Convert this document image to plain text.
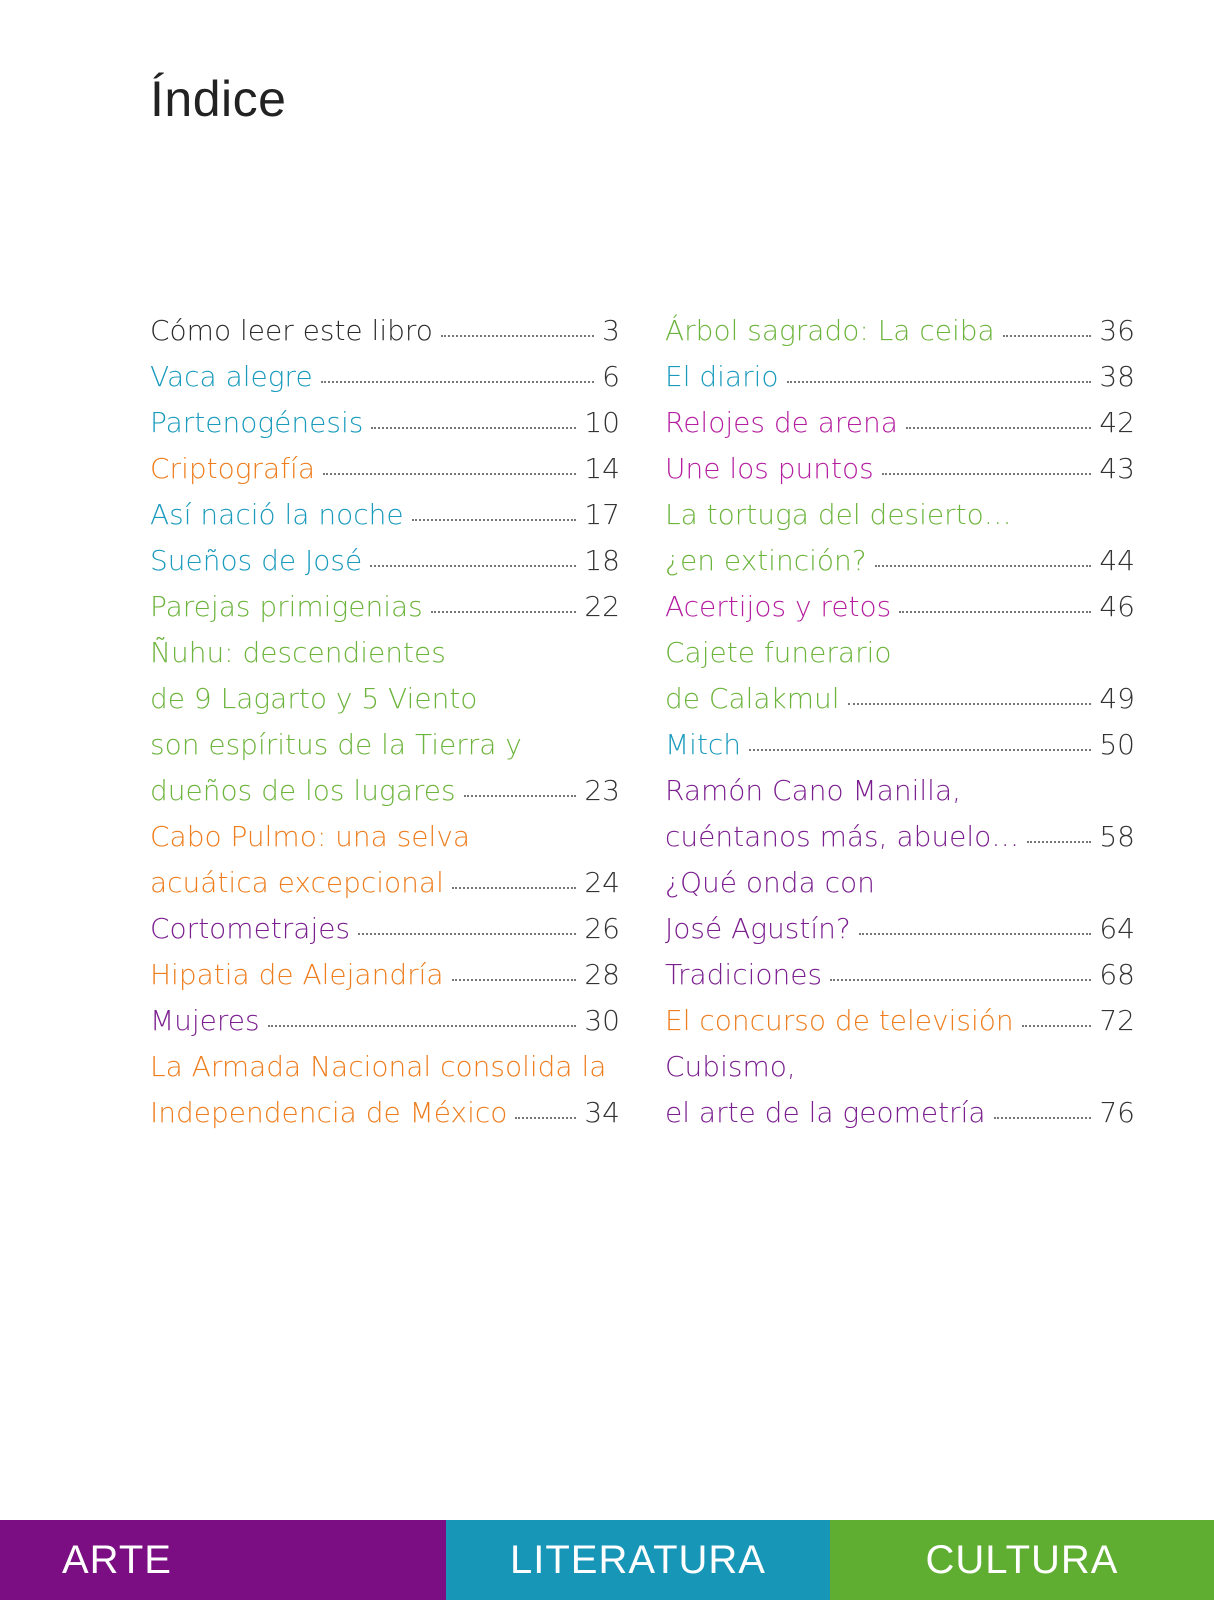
Índice
Cómo leer este libro	3
Vaca alegre	6
Partenogénesis	10
Criptografía	14
Así nació la noche	17
Sueños de José	18
Parejas primigenias	22
Ñuhu: descendientes
de 9 Lagarto y 5 Viento
son espíritus de la Tierra y
dueños de los lugares	23
Cabo Pulmo: una selva
acuática excepcional	24
Cortometrajes	26
Hipatia de Alejandría	28
Mujeres	30
La Armada Nacional consolida la
Independencia de México	34
Árbol sagrado: La ceiba	36
El diario	38
Relojes de arena	42
Une los puntos	43
La tortuga del desierto…
¿en extinción?	44
Acertijos y retos	46
Cajete funerario
de Calakmul	49
Mitch	50
Ramón Cano Manilla,
cuéntanos más, abuelo…	58
¿Qué onda con
José Agustín?	64
Tradiciones	68
El concurso de televisión	72
Cubismo,
el arte de la geometría	76
ARTE	LITERATURA	CULTURA
